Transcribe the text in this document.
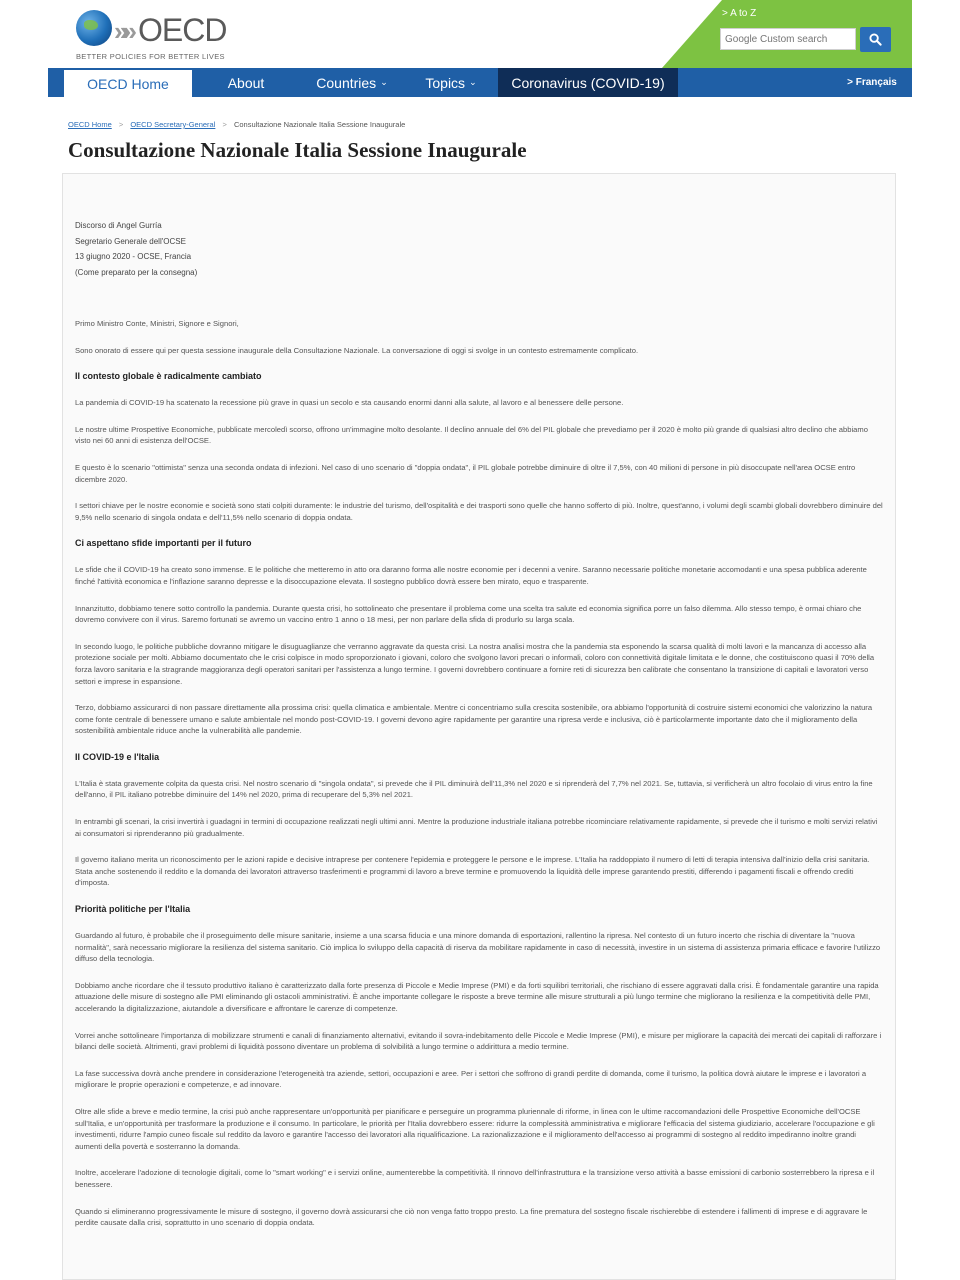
»» OECD
BETTER POLICIES FOR BETTER LIVES
> A to Z
Google Custom search
OECD Home	About	Countries ⌄	Topics ⌄	Coronavirus (COVID-19)	> Français
OECD Home > OECD Secretary-General > Consultazione Nazionale Italia Sessione Inaugurale
Consultazione Nazionale Italia Sessione Inaugurale

Discorso di Angel Gurría

Segretario Generale dell'OCSE

13 giugno 2020 - OCSE, Francia

(Come preparato per la consegna)

Primo Ministro Conte, Ministri, Signore e Signori,

Sono onorato di essere qui per questa sessione inaugurale della Consultazione Nazionale. La conversazione di oggi si svolge in un contesto estremamente complicato.

Il contesto globale è radicalmente cambiato

La pandemia di COVID-19 ha scatenato la recessione più grave in quasi un secolo e sta causando enormi danni alla salute, al lavoro e al benessere delle persone.

Le nostre ultime Prospettive Economiche, pubblicate mercoledì scorso, offrono un'immagine molto desolante. Il declino annuale del 6% del PIL globale che prevediamo per il 2020 è molto più grande di qualsiasi altro declino che abbiamo visto nei 60 anni di esistenza dell'OCSE.

E questo è lo scenario "ottimista" senza una seconda ondata di infezioni. Nel caso di uno scenario di "doppia ondata", il PIL globale potrebbe diminuire di oltre il 7,5%, con 40 milioni di persone in più disoccupate nell'area OCSE entro dicembre 2020.

I settori chiave per le nostre economie e società sono stati colpiti duramente: le industrie del turismo, dell'ospitalità e dei trasporti sono quelle che hanno sofferto di più. Inoltre, quest'anno, i volumi degli scambi globali dovrebbero diminuire del 9,5% nello scenario di singola ondata e dell'11,5% nello scenario di doppia ondata.

Ci aspettano sfide importanti per il futuro

Le sfide che il COVID-19 ha creato sono immense. E le politiche che metteremo in atto ora daranno forma alle nostre economie per i decenni a venire. Saranno necessarie politiche monetarie accomodanti e una spesa pubblica aderente finché l'attività economica e l'inflazione saranno depresse e la disoccupazione elevata. Il sostegno pubblico dovrà essere ben mirato, equo e trasparente.

Innanzitutto, dobbiamo tenere sotto controllo la pandemia. Durante questa crisi, ho sottolineato che presentare il problema come una scelta tra salute ed economia significa porre un falso dilemma. Allo stesso tempo, è ormai chiaro che dovremo convivere con il virus. Saremo fortunati se avremo un vaccino entro 1 anno o 18 mesi, per non parlare della sfida di produrlo su larga scala.

In secondo luogo, le politiche pubbliche dovranno mitigare le disuguaglianze che verranno aggravate da questa crisi. La nostra analisi mostra che la pandemia sta esponendo la scarsa qualità di molti lavori e la mancanza di accesso alla protezione sociale per molti. Abbiamo documentato che le crisi colpisce in modo sproporzionato i giovani, coloro che svolgono lavori precari o informali, coloro con connettività digitale limitata e le donne, che costituiscono quasi il 70% della forza lavoro sanitaria e la stragrande maggioranza degli operatori sanitari per l'assistenza a lungo termine. I governi dovrebbero continuare a fornire reti di sicurezza ben calibrate che consentano la transizione di capitali e lavoratori verso settori e imprese in espansione.

Terzo, dobbiamo assicurarci di non passare direttamente alla prossima crisi: quella climatica e ambientale. Mentre ci concentriamo sulla crescita sostenibile, ora abbiamo l'opportunità di costruire sistemi economici che valorizzino la natura come fonte centrale di benessere umano e salute ambientale nel mondo post-COVID-19. I governi devono agire rapidamente per garantire una ripresa verde e inclusiva, ciò è particolarmente importante dato che il miglioramento della sostenibilità ambientale riduce anche la vulnerabilità alle pandemie.

Il COVID-19 e l'Italia

L'Italia è stata gravemente colpita da questa crisi. Nel nostro scenario di "singola ondata", si prevede che il PIL diminuirà dell'11,3% nel 2020 e si riprenderà del 7,7% nel 2021. Se, tuttavia, si verificherà un altro focolaio di virus entro la fine dell'anno, il PIL italiano potrebbe diminuire del 14% nel 2020, prima di recuperare del 5,3% nel 2021.

In entrambi gli scenari, la crisi invertirà i guadagni in termini di occupazione realizzati negli ultimi anni. Mentre la produzione industriale italiana potrebbe ricominciare relativamente rapidamente, si prevede che il turismo e molti servizi relativi ai consumatori si riprenderanno più gradualmente.

Il governo italiano merita un riconoscimento per le azioni rapide e decisive intraprese per contenere l'epidemia e proteggere le persone e le imprese. L'Italia ha raddoppiato il numero di letti di terapia intensiva dall'inizio della crisi sanitaria. Stata anche sostenendo il reddito e la domanda dei lavoratori attraverso trasferimenti e programmi di lavoro a breve termine e promuovendo la liquidità delle imprese garantendo prestiti, differendo i pagamenti fiscali e offrendo crediti d'imposta.

Priorità politiche per l'Italia

Guardando al futuro, è probabile che il proseguimento delle misure sanitarie, insieme a una scarsa fiducia e una minore domanda di esportazioni, rallentino la ripresa. Nel contesto di un futuro incerto che rischia di diventare la "nuova normalità", sarà necessario migliorare la resilienza del sistema sanitario. Ciò implica lo sviluppo della capacità di riserva da mobilitare rapidamente in caso di necessità, investire in un sistema di assistenza primaria efficace e favorire l'utilizzo diffuso della tecnologia.

Dobbiamo anche ricordare che il tessuto produttivo italiano è caratterizzato dalla forte presenza di Piccole e Medie Imprese (PMI) e da forti squilibri territoriali, che rischiano di essere aggravati dalla crisi. È fondamentale garantire una rapida attuazione delle misure di sostegno alle PMI eliminando gli ostacoli amministrativi. È anche importante collegare le risposte a breve termine alle misure strutturali a più lungo termine che migliorano la resilienza e la competitività delle PMI, accelerando la digitalizzazione, aiutandole a diversificare e affrontare le carenze di competenze.

Vorrei anche sottolineare l'importanza di mobilizzare strumenti e canali di finanziamento alternativi, evitando il sovra-indebitamento delle Piccole e Medie Imprese (PMI), e misure per migliorare la capacità dei mercati dei capitali di rafforzare i bilanci delle società. Altrimenti, gravi problemi di liquidità possono diventare un problema di solvibilità a lungo termine o addirittura a medio termine.

La fase successiva dovrà anche prendere in considerazione l'eterogeneità tra aziende, settori, occupazioni e aree. Per i settori che soffrono di grandi perdite di domanda, come il turismo, la politica dovrà aiutare le imprese e i lavoratori a migliorare le proprie operazioni e competenze, e ad innovare.

Oltre alle sfide a breve e medio termine, la crisi può anche rappresentare un'opportunità per pianificare e perseguire un programma pluriennale di riforme, in linea con le ultime raccomandazioni delle Prospettive Economiche dell'OCSE sull'Italia, e un'opportunità per trasformare la produzione e il consumo. In particolare, le priorità per l'Italia dovrebbero essere: ridurre la complessità amministrativa e migliorare l'efficacia del sistema giudiziario, accelerare l'occupazione e gli investimenti, ridurre l'ampio cuneo fiscale sul reddito da lavoro e garantire l'accesso dei lavoratori alla riqualificazione. La razionalizzazione e il miglioramento dell'accesso ai programmi di sostegno al reddito impediranno inoltre grandi aumenti della povertà e sosterranno la domanda.

Inoltre, accelerare l'adozione di tecnologie digitali, come lo "smart working" e i servizi online, aumenterebbe la competitività. Il rinnovo dell'infrastruttura e la transizione verso attività a basse emissioni di carbonio sosterrebbero la ripresa e il benessere.

Quando si elimineranno progressivamente le misure di sostegno, il governo dovrà assicurarsi che ciò non venga fatto troppo presto. La fine prematura del sostegno fiscale rischierebbe di estendere i fallimenti di imprese e di aggravare le perdite causate dalla crisi, soprattutto in uno scenario di doppia ondata.
